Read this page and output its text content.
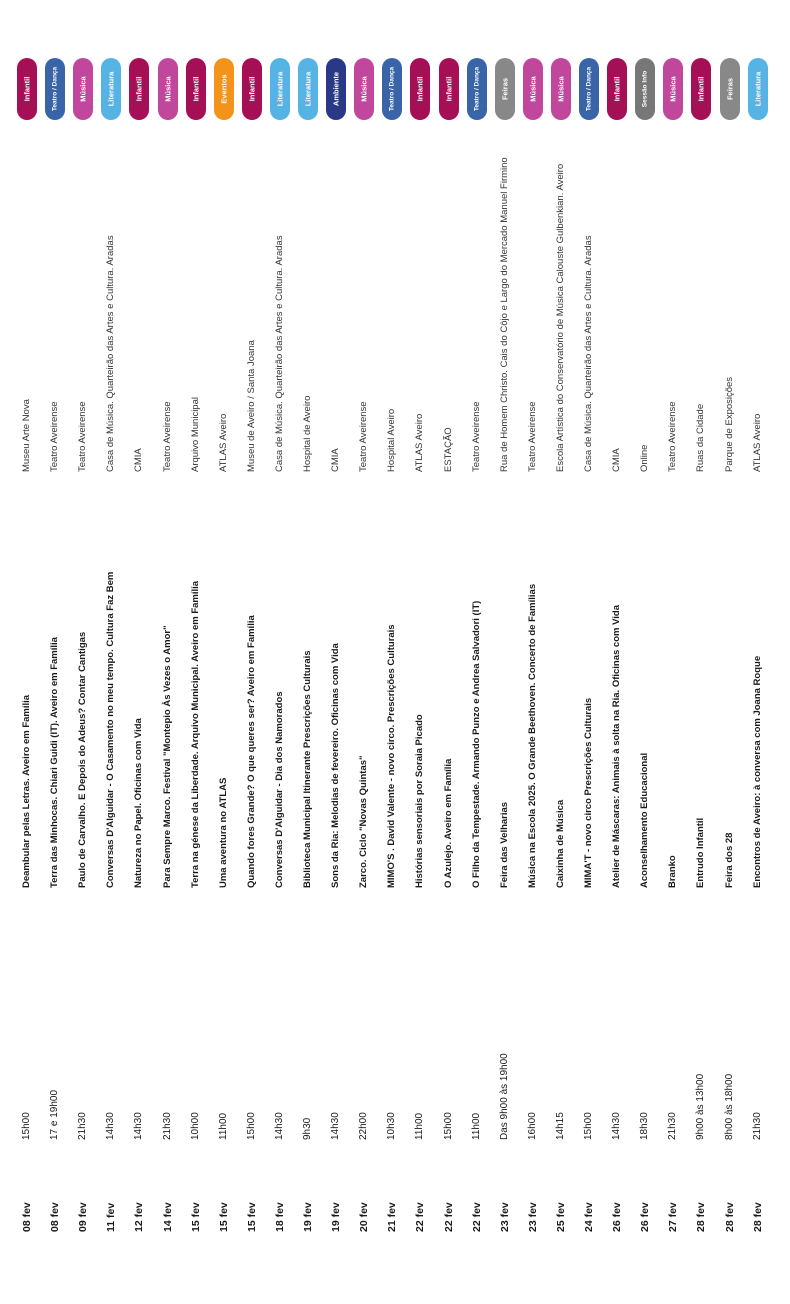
08 fev
15h00
Deambular pelas Letras. Aveiro em Família
Museu Arte Nova
Infantil
08 fev
17 e 19h00
Terra das Minhocas. Chiari Guidi (IT). Aveiro em Família
Teatro Aveirense
Teatro / Dança
09 fev
21h30
Paulo de Carvalho. E Depois do Adeus? Contar Cantigas
Teatro Aveirense
Música
11 fev
14h30
Conversas D'Alguidar - O Casamento no meu tempo. Cultura Faz Bem
Casa de Música. Quarteirão das Artes e Cultura. Aradas
Literatura
12 fev
14h30
Natureza no Papel. Oficinas com Vida
CMIA
Infantil
14 fev
21h30
Para Sempre Marco. Festival "Montepio Às Vezes o Amor"
Teatro Aveirense
Música
15 fev
10h00
Terra na génese da Liberdade. Arquivo Municipal. Aveiro em Família
Arquivo Municipal
Infantil
15 fev
11h00
Uma aventura no ATLAS
ATLAS Aveiro
Eventos
15 fev
15h00
Quando fores Grande? O que queres ser? Aveiro em Família
Museu de Aveiro / Santa Joana
Infantil
18 fev
14h30
Conversas D'Alguidar - Dia dos Namorados
Casa de Música. Quarteirão das Artes e Cultura. Aradas
Literatura
19 fev
9h30
Biblioteca Municipal Itinerante Prescrições Culturais
Hospital de Aveiro
Literatura
19 fev
14h30
Sons da Ria: Melodias de fevereiro. Oficinas com Vida
CMIA
Ambiente
20 fev
22h00
Zarco. Ciclo "Novas Quintas"
Teatro Aveirense
Música
21 fev
10h30
MIMO'S . David Valente - novo circo. Prescrições Culturais
Hospital Aveiro
Teatro / Dança
22 fev
11h00
Histórias sensoriais por Soraia Picado
ATLAS Aveiro
Infantil
22 fev
15h00
O Azulejo. Aveiro em Família
ESTAÇÃO
Infantil
22 fev
11h00
O Filho da Tempestade. Armando Punzo e Andrea Salvadori (IT)
Teatro Aveirense
Teatro / Dança
23 fev
Das 9h00 às 19h00
Feira das Velharias
Rua de Homem Christo. Cais do Côjo e Largo do Mercado Manuel Firmino
Feiras
23 fev
16h00
Música na Escola 2025. O Grande Beethoven. Concerto de Famílias
Teatro Aveirense
Música
25 fev
14h15
Caixinha de Música
Escola Artística do Conservatório de Música Calouste Gulbenkian. Aveiro
Música
24 fev
15h00
MIMA'T - novo circo Prescrições Culturais
Casa de Música. Quarteirão das Artes e Cultura. Aradas
Teatro / Dança
26 fev
14h30
Atelier de Máscaras: Animais à solta na Ria. Oficinas com Vida
CMIA
Infantil
26 fev
18h30
Aconselhamento Educacional
Online
Sessão Info
27 fev
21h30
Branko
Teatro Aveirense
Música
28 fev
9h00 às 13h00
Entrudo Infantil
Ruas da Cidade
Infantil
28 fev
8h00 às 18h00
Feira dos 28
Parque de Exposições
Feiras
28 fev
21h30
Encontros de Aveiro: à conversa com Joana Roque
ATLAS Aveiro
Literatura
